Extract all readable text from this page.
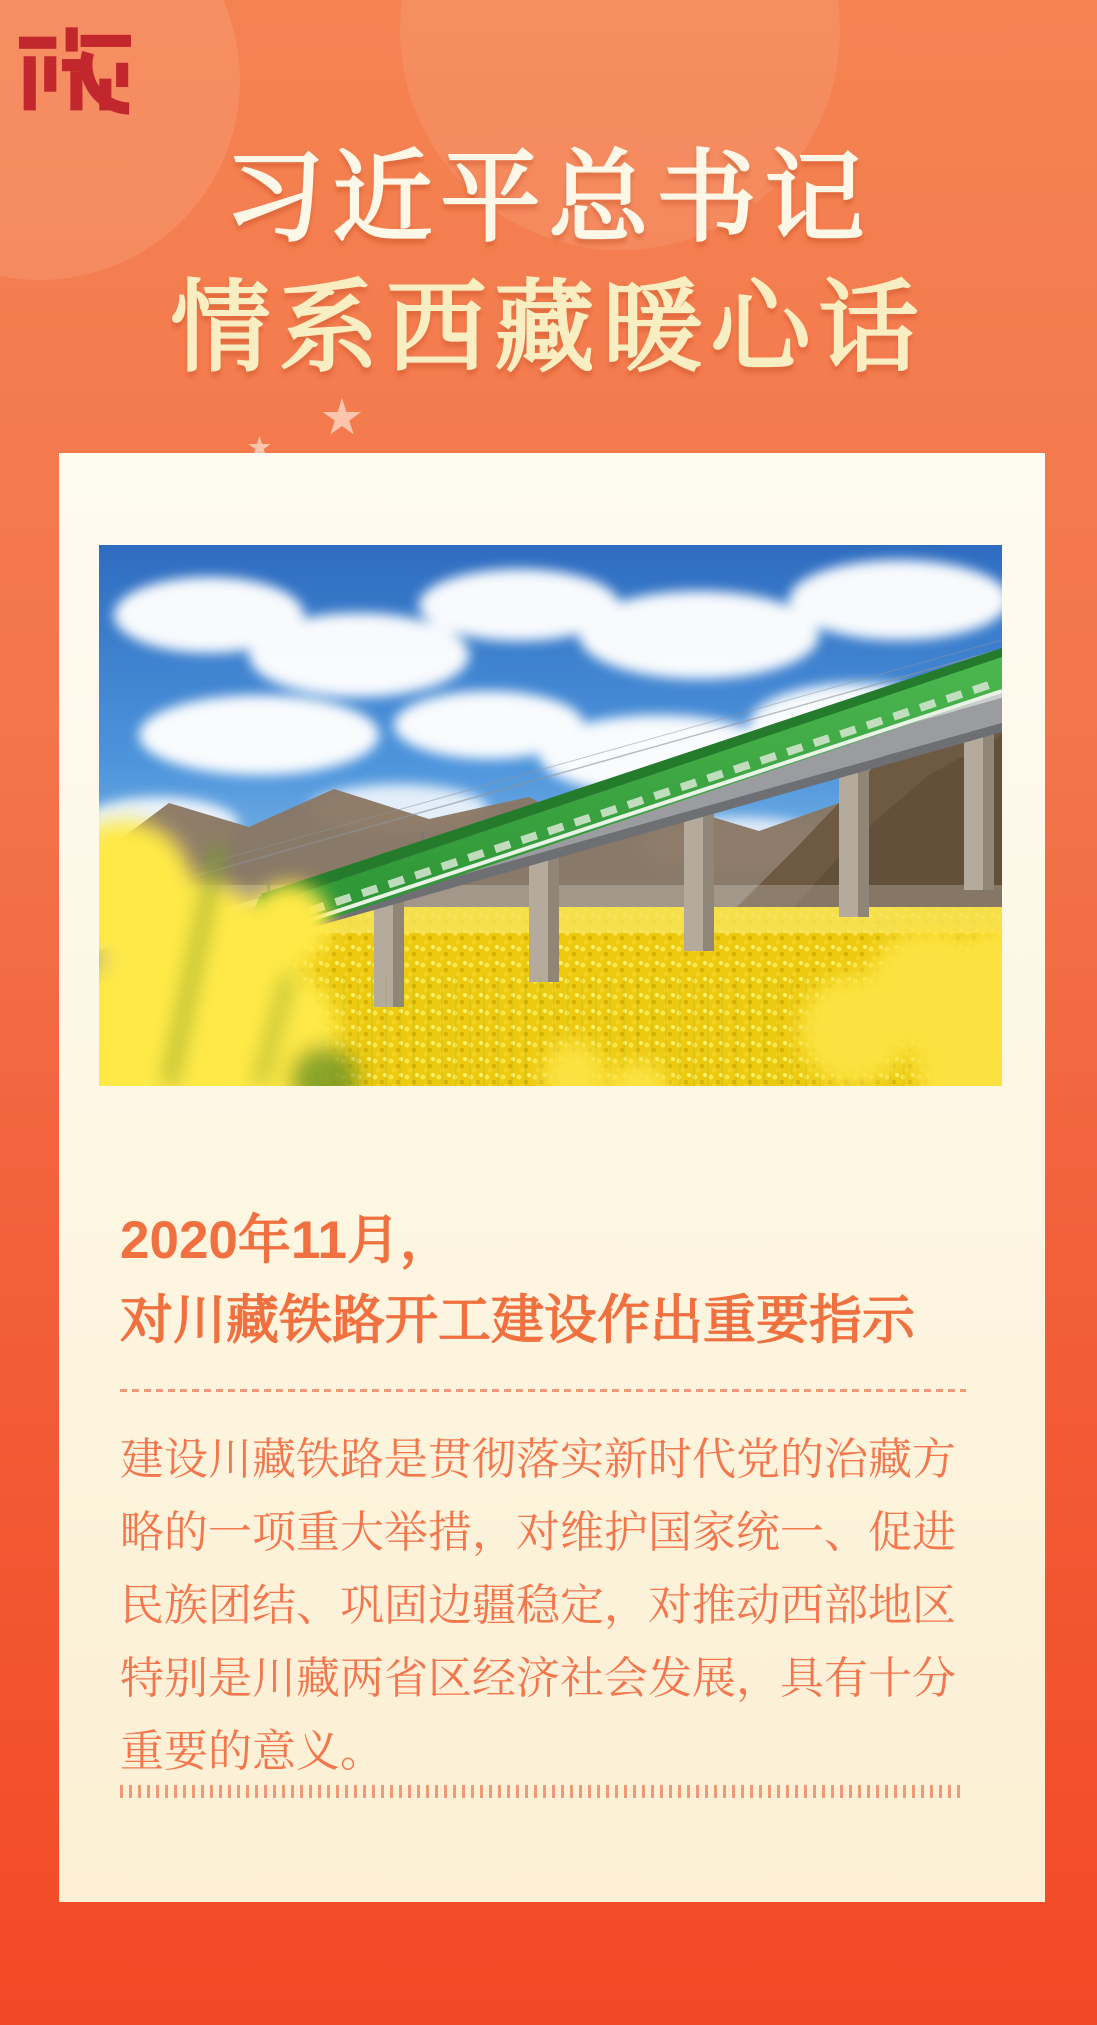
习近平总书记
情系西藏暖心话
2020年11月，
对川藏铁路开工建设作出重要指示
建设川藏铁路是贯彻落实新时代党的治藏方
略的一项重大举措，对维护国家统一、促进
民族团结、巩固边疆稳定，对推动西部地区
特别是川藏两省区经济社会发展，具有十分
重要的意义。
